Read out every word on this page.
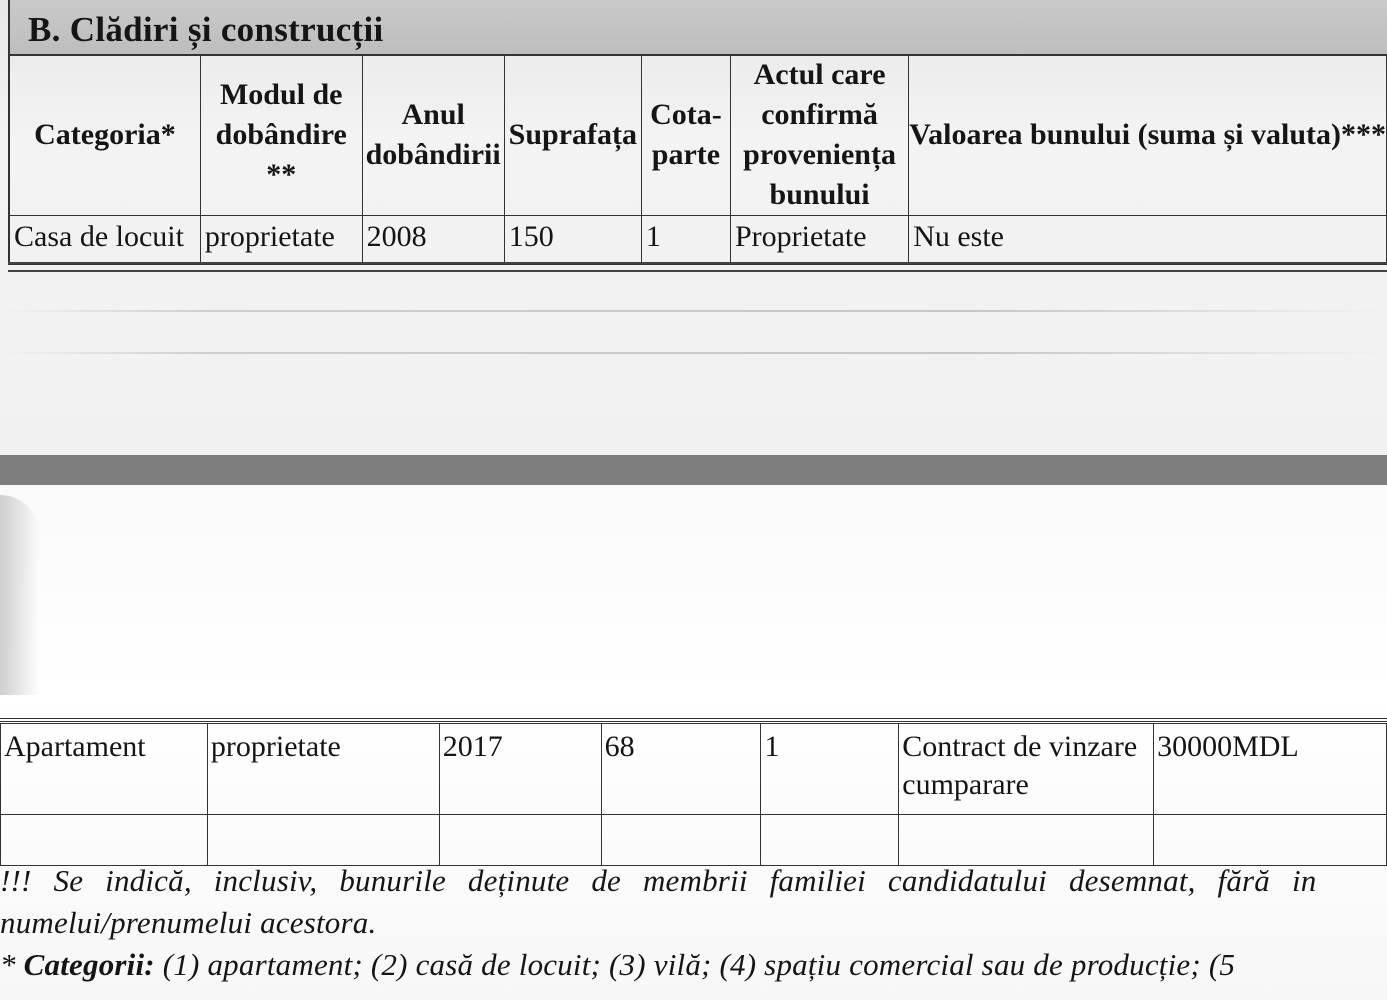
B. Clădiri și construcții
Categoria*	Modul de dobândire **	Anul dobândirii	Suprafața	Cota-parte	Actul care confirmă proveniența bunului	Valoarea bunului (suma și valuta)***
Casa de locuit	proprietate	2008	150	1	Proprietate	Nu este
Apartament	proprietate	2017	68	1	Contract de vinzare cumparare	30000MDL

!!! Se indică, inclusiv, bunurile deținute de membrii familiei candidatului desemnat, fără in
numelui/prenumelui acestora.
* Categorii: (1) apartament; (2) casă de locuit; (3) vilă; (4) spațiu comercial sau de producție; (5
